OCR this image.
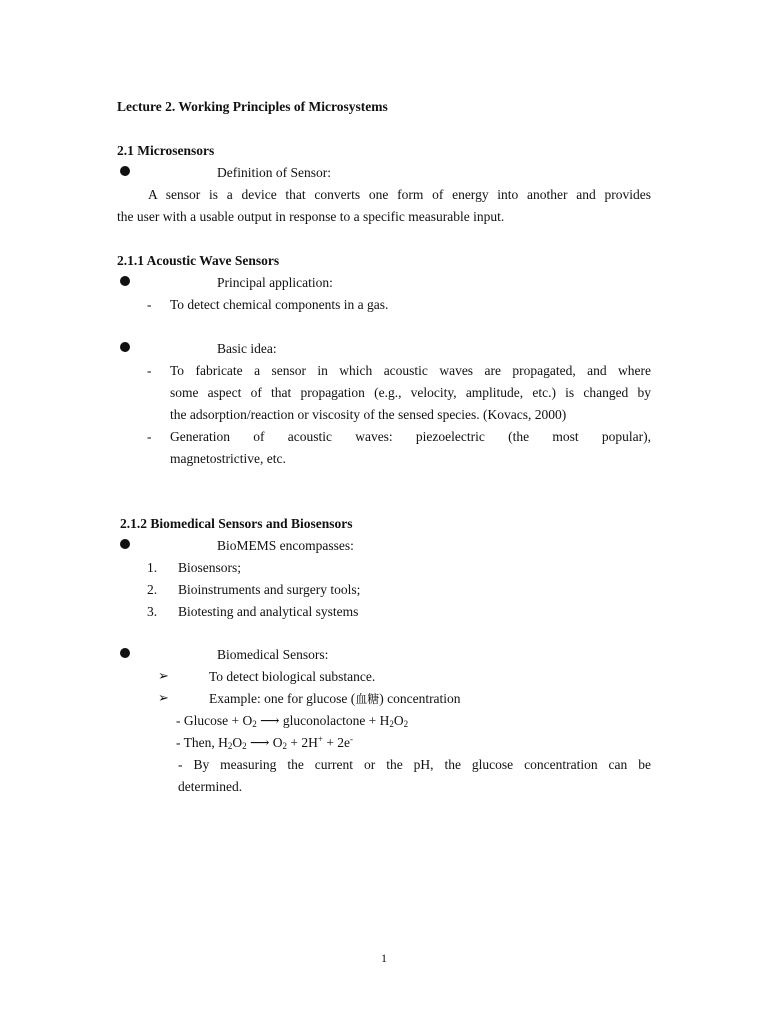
Lecture 2. Working Principles of Microsystems
2.1 Microsensors
Definition of Sensor:
A sensor is a device that converts one form of energy into another and provides
the user with a usable output in response to a specific measurable input.
2.1.1 Acoustic Wave Sensors
Principal application:
- To detect chemical components in a gas.
Basic idea:
- To fabricate a sensor in which acoustic waves are propagated, and where
some aspect of that propagation (e.g., velocity, amplitude, etc.) is changed by
the adsorption/reaction or viscosity of the sensed species. (Kovacs, 2000)
- Generation of acoustic waves: piezoelectric (the most popular),
magnetostrictive, etc.
2.1.2 Biomedical Sensors and Biosensors
BioMEMS encompasses:
1. Biosensors;
2. Bioinstruments and surgery tools;
3. Biotesting and analytical systems
Biomedical Sensors:
➢	To detect biological substance.
➢	Example: one for glucose (血糖) concentration
- $Glucose + O_2$ ⟶ gluconolactone + $H_2O_2$
- Then, $H_2O_2$ ⟶ $O_2 + 2H^+ + 2e^-$
- By measuring the current or the pH, the glucose concentration can be
determined.
1
